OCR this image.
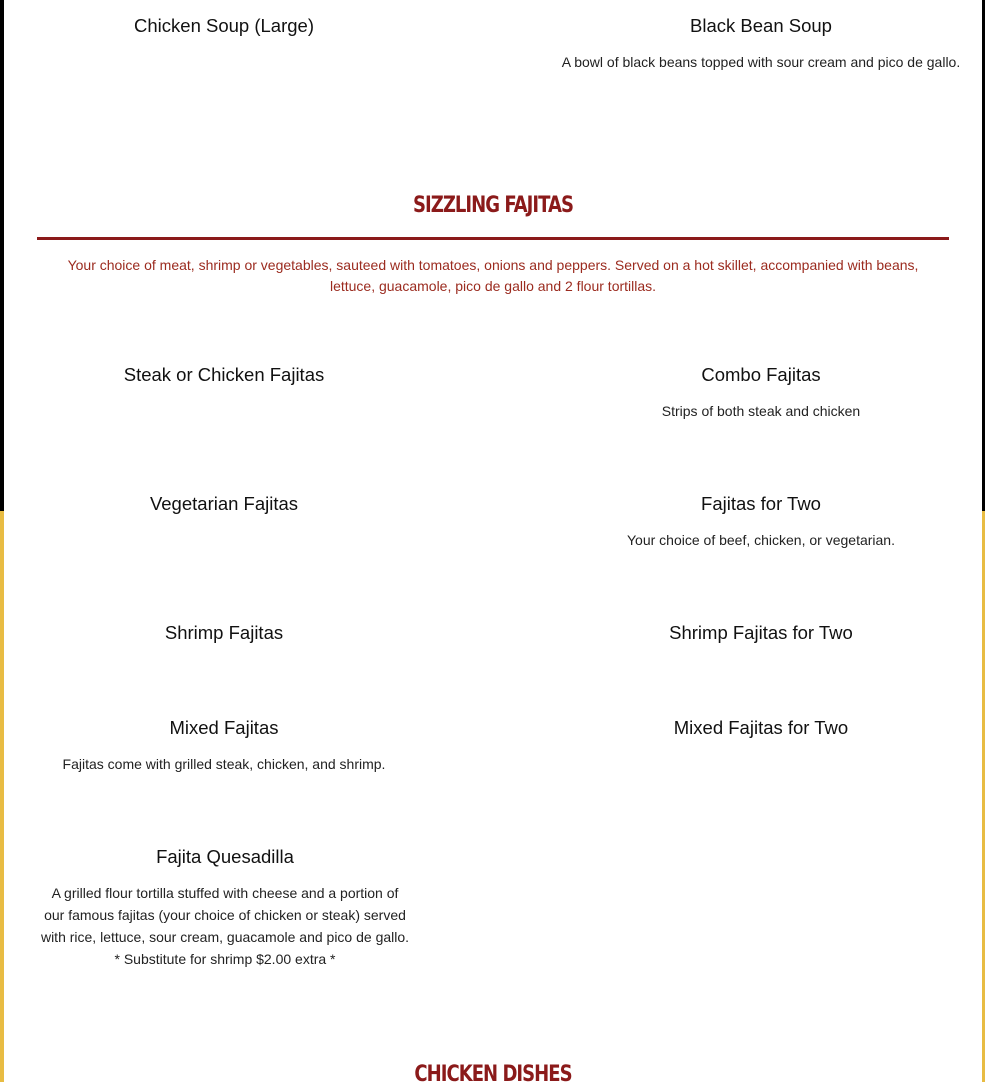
Chicken Soup (Large)	Black Bean Soup

A bowl of black beans topped with sour cream and pico de gallo.

SIZZLING FAJITAS

Your choice of meat, shrimp or vegetables, sauteed with tomatoes, onions and peppers. Served on a hot skillet, accompanied with beans, lettuce, guacamole, pico de gallo and 2 flour tortillas.

Steak or Chicken Fajitas	Combo Fajitas

Strips of both steak and chicken

Vegetarian Fajitas	Fajitas for Two

Your choice of beef, chicken, or vegetarian.

Shrimp Fajitas	Shrimp Fajitas for Two
Mixed Fajitas

Fajitas come with grilled steak, chicken, and shrimp.

Mixed Fajitas for Two
Fajita Quesadilla

A grilled flour tortilla stuffed with cheese and a portion of our famous fajitas (your choice of chicken or steak) served with rice, lettuce, sour cream, guacamole and pico de gallo. * Substitute for shrimp $2.00 extra *

CHICKEN DISHES
